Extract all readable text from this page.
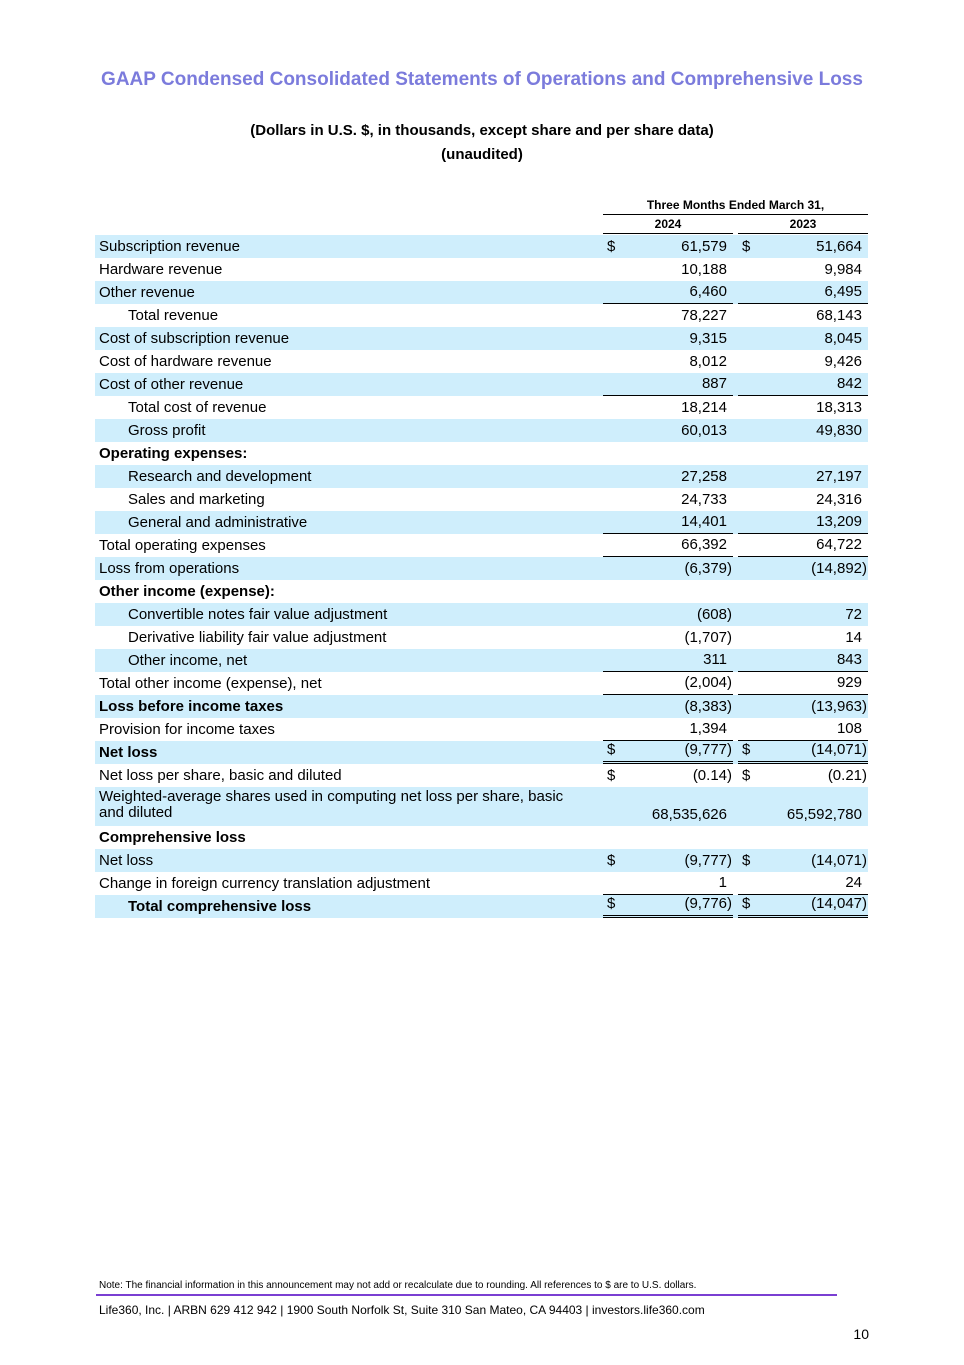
GAAP Condensed Consolidated Statements of Operations and Comprehensive Loss
(Dollars in U.S. $, in thousands, except share and per share data)
(unaudited)
Three Months Ended March 31,
2024	2023
Subscription revenue	$	61,579 $	51,664
Hardware revenue	10,188	9,984
Other revenue	6,460	6,495
Total revenue	78,227	68,143
Cost of subscription revenue	9,315	8,045
Cost of hardware revenue	8,012	9,426
Cost of other revenue	887	842
Total cost of revenue	18,214	18,313
Gross profit	60,013	49,830
Operating expenses:
Research and development	27,258	27,197
Sales and marketing	24,733	24,316
General and administrative	14,401	13,209
Total operating expenses	66,392	64,722
Loss from operations	(6,379)	(14,892)
Other income (expense):
Convertible notes fair value adjustment	(608)	72
Derivative liability fair value adjustment	(1,707)	14
Other income, net	311	843
Total other income (expense), net	(2,004)	929
Loss before income taxes	(8,383)	(13,963)
Provision for income taxes	1,394	108
Net loss	$	(9,777) $	(14,071)
Net loss per share, basic and diluted	$	(0.14) $	(0.21)
Weighted-average shares used in computing net loss per share, basic and diluted	68,535,626	65,592,780
Comprehensive loss
Net loss	$	(9,777) $	(14,071)
Change in foreign currency translation adjustment	1	24
Total comprehensive loss	$	(9,776) $	(14,047)
Note: The financial information in this announcement may not add or recalculate due to rounding. All references to $ are to U.S. dollars.
Life360, Inc. | ARBN 629 412 942 | 1900 South Norfolk St, Suite 310 San Mateo, CA 94403 | investors.life360.com
10
